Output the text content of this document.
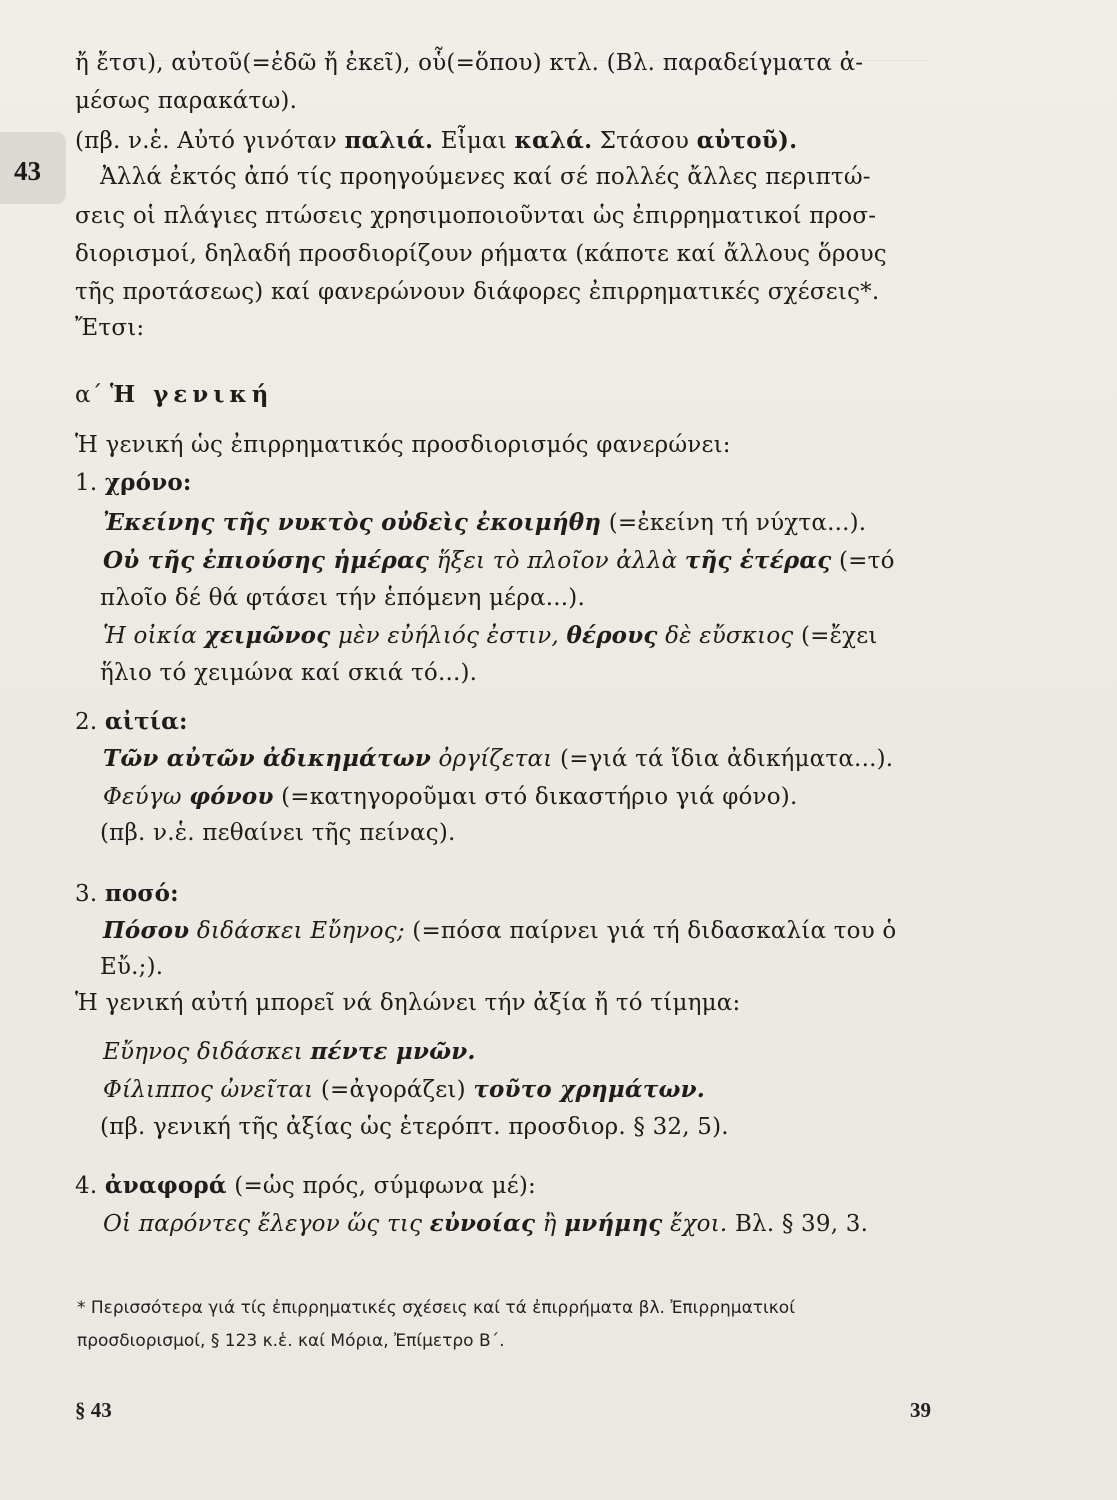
43
ἤ ἔτσι), αὐτοῦ(=ἐδῶ ἤ ἐκεῖ), οὗ(=ὅπου) κτλ. (Βλ. παραδείγματα ἀ-
μέσως παρακάτω).
(πβ. ν.ἑ. Αὐτό γινόταν παλιά. Εἶμαι καλά. Στάσου αὐτοῦ).
Ἀλλά ἐκτός ἀπό τίς προηγούμενες καί σέ πολλές ἄλλες περιπτώ-
σεις οἱ πλάγιες πτώσεις χρησιμοποιοῦνται ὡς ἐπιρρηματικοί προσ-
διορισμοί, δηλαδή προσδιορίζουν ρήματα (κάποτε καί ἄλλους ὅρους
τῆς προτάσεως) καί φανερώνουν διάφορες ἐπιρρηματικές σχέσεις*.
Ἔτσι:
α΄ Ἡ γενική
Ἡ γενική ὡς ἐπιρρηματικός προσδιορισμός φανερώνει:
1. χρόνο:
Ἐκείνης τῆς νυκτὸς οὐδεὶς ἐκοιμήθη (=ἐκείνη τή νύχτα...).
Οὐ τῆς ἐπιούσης ἡμέρας ἥξει τὸ πλοῖον ἀλλὰ τῆς ἑτέρας (=τό
πλοῖο δέ θά φτάσει τήν ἑπόμενη μέρα...).
Ἡ οἰκία χειμῶνος μὲν εὐήλιός ἐστιν, θέρους δὲ εὔσκιος (=ἔχει
ἥλιο τό χειμώνα καί σκιά τό...).
2. αἰτία:
Τῶν αὐτῶν ἀδικημάτων ὀργίζεται (=γιά τά ἴδια ἀδικήματα...).
Φεύγω φόνου (=κατηγοροῦμαι στό δικαστήριο γιά φόνο).
(πβ. ν.ἑ. πεθαίνει τῆς πείνας).
3. ποσό:
Πόσου διδάσκει Εὔηνος; (=πόσα παίρνει γιά τή διδασκαλία του ὁ
Εὔ.;).
Ἡ γενική αὐτή μπορεῖ νά δηλώνει τήν ἀξία ἤ τό τίμημα:
Εὔηνος διδάσκει πέντε μνῶν.
Φίλιππος ὠνεῖται (=ἀγοράζει) τοῦτο χρημάτων.
(πβ. γενική τῆς ἀξίας ὡς ἑτερόπτ. προσδιορ. § 32, 5).
4. ἀναφορά (=ὡς πρός, σύμφωνα μέ):
Οἱ παρόντες ἔλεγον ὥς τις εὐνοίας ἢ μνήμης ἔχοι. Βλ. § 39, 3.
* Περισσότερα γιά τίς ἐπιρρηματικές σχέσεις καί τά ἐπιρρήματα βλ. Ἐπιρρηματικοί
προσδιορισμοί, § 123 κ.ἑ. καί Μόρια, Ἐπίμετρο Β΄.
§ 43	39
